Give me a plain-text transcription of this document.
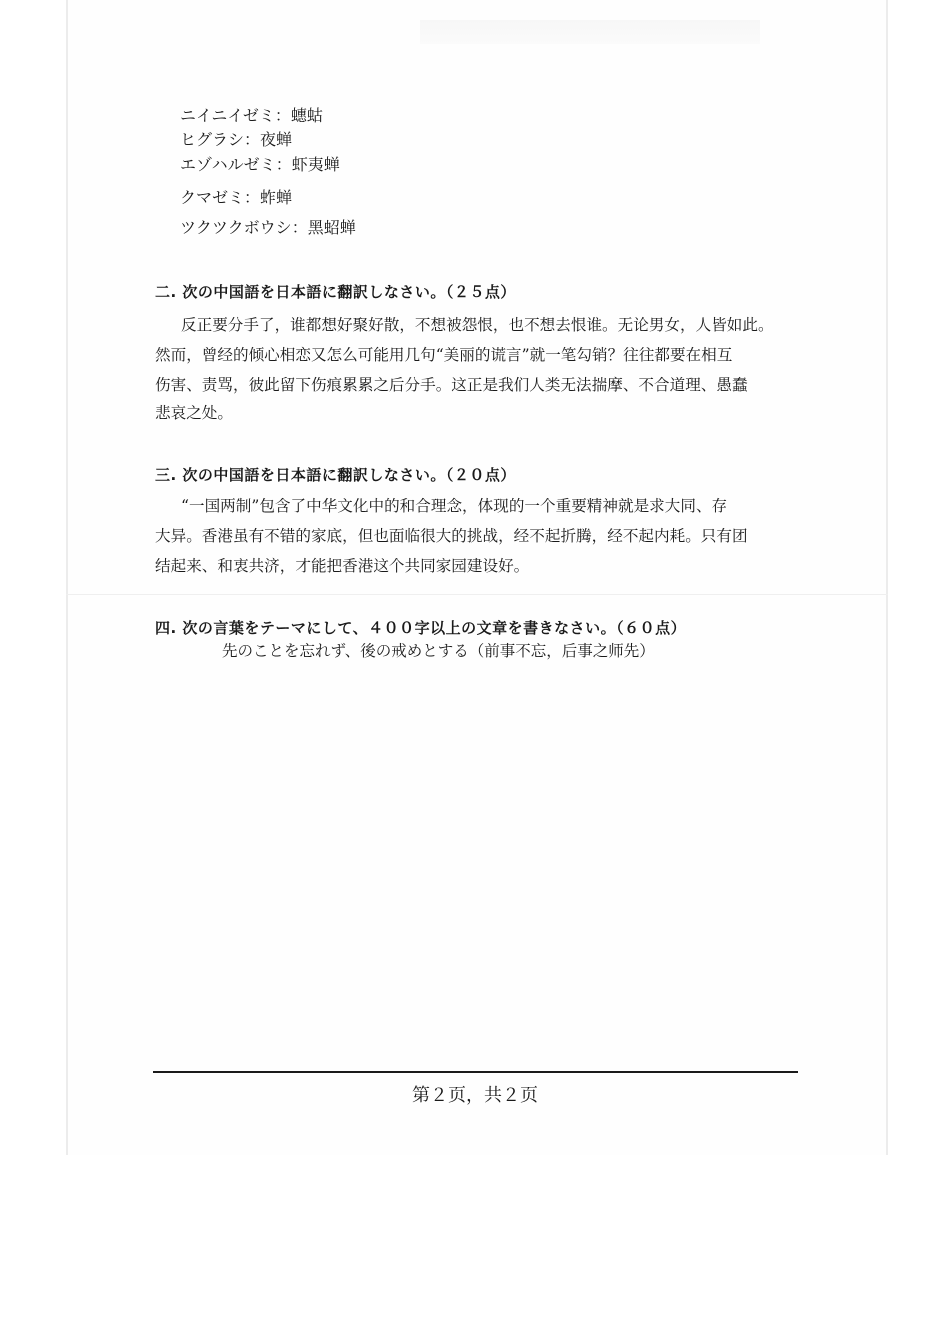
ニイニイゼミ：蟪蛄
ヒグラシ：夜蝉
エゾハルゼミ：虾夷蝉
クマゼミ：蚱蝉
ツクツクボウシ：黑蛁蝉
二. 次の中国語を日本語に翻訳しなさい。（２５点）
反正要分手了，谁都想好聚好散，不想被怨恨，也不想去恨谁。无论男女，人皆如此。
然而，曾经的倾心相恋又怎么可能用几句“美丽的谎言”就一笔勾销？往往都要在相互
伤害、责骂，彼此留下伤痕累累之后分手。这正是我们人类无法揣摩、不合道理、愚蠢
悲哀之处。
三. 次の中国語を日本語に翻訳しなさい。（２０点）
“一国两制”包含了中华文化中的和合理念，体现的一个重要精神就是求大同、存
大异。香港虽有不错的家底，但也面临很大的挑战，经不起折腾，经不起内耗。只有团
结起来、和衷共济，才能把香港这个共同家园建设好。
四. 次の言葉をテーマにして、４００字以上の文章を書きなさい。（６０点）
先のことを忘れず、後の戒めとする（前事不忘，后事之师先）
第２页，共２页
